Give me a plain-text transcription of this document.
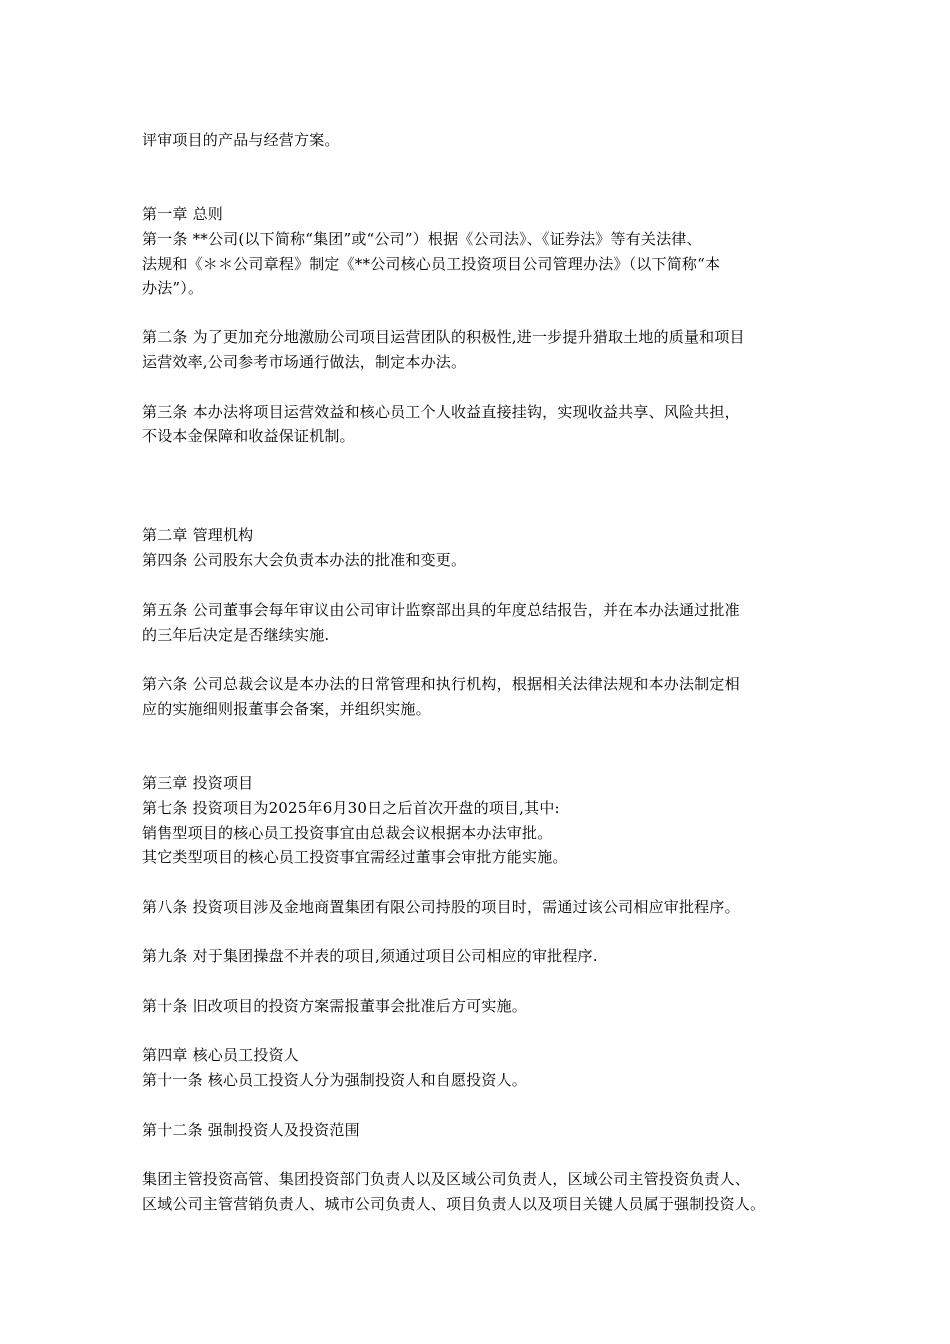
评审项目的产品与经营方案。
第一章 总则
第一条 **公司(以下简称“集团”或“公司”）根据《公司法》、《证券法》等有关法律、
法规和《＊＊公司章程》制定《**公司核心员工投资项目公司管理办法》（以下简称“本
办法”）。
第二条 为了更加充分地激励公司项目运营团队的积极性,进一步提升猎取土地的质量和项目
运营效率,公司参考市场通行做法，制定本办法。
第三条 本办法将项目运营效益和核心员工个人收益直接挂钩，实现收益共享、风险共担，
不设本金保障和收益保证机制。
第二章 管理机构
第四条 公司股东大会负责本办法的批准和变更。
第五条 公司董事会每年审议由公司审计监察部出具的年度总结报告，并在本办法通过批准
的三年后决定是否继续实施.
第六条 公司总裁会议是本办法的日常管理和执行机构，根据相关法律法规和本办法制定相
应的实施细则报董事会备案，并组织实施。
第三章 投资项目
第七条 投资项目为2025年6月30日之后首次开盘的项目,其中:
销售型项目的核心员工投资事宜由总裁会议根据本办法审批。
其它类型项目的核心员工投资事宜需经过董事会审批方能实施。
第八条 投资项目涉及金地商置集团有限公司持股的项目时，需通过该公司相应审批程序。
第九条 对于集团操盘不并表的项目,须通过项目公司相应的审批程序.
第十条 旧改项目的投资方案需报董事会批准后方可实施。
第四章 核心员工投资人
第十一条 核心员工投资人分为强制投资人和自愿投资人。
第十二条 强制投资人及投资范围
集团主管投资高管、集团投资部门负责人以及区域公司负责人，区域公司主管投资负责人、
区域公司主管营销负责人、城市公司负责人、项目负责人以及项目关键人员属于强制投资人。
